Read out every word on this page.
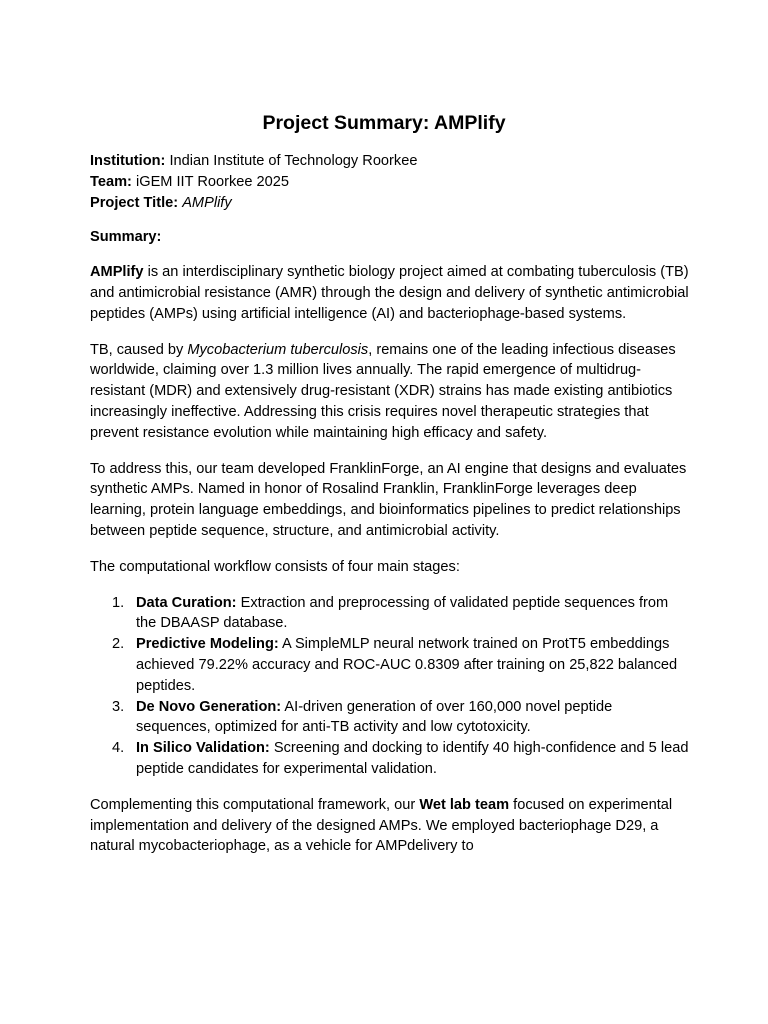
Project Summary: AMPlify

Institution: Indian Institute of Technology Roorkee

Team: iGEM IIT Roorkee 2025

Project Title: AMPlify

Summary:

AMPlify is an interdisciplinary synthetic biology project aimed at combating tuberculosis (TB) and antimicrobial resistance (AMR) through the design and delivery of synthetic antimicrobial peptides (AMPs) using artificial intelligence (AI) and bacteriophage-based systems.

TB, caused by Mycobacterium tuberculosis, remains one of the leading infectious diseases worldwide, claiming over 1.3 million lives annually. The rapid emergence of multidrug-resistant (MDR) and extensively drug-resistant (XDR) strains has made existing antibiotics increasingly ineffective. Addressing this crisis requires novel therapeutic strategies that prevent resistance evolution while maintaining high efficacy and safety.

To address this, our team developed FranklinForge, an AI engine that designs and evaluates synthetic AMPs. Named in honor of Rosalind Franklin, FranklinForge leverages deep learning, protein language embeddings, and bioinformatics pipelines to predict relationships between peptide sequence, structure, and antimicrobial activity.

The computational workflow consists of four main stages:

1. Data Curation: Extraction and preprocessing of validated peptide sequences from the DBAASP database.
2. Predictive Modeling: A SimpleMLP neural network trained on ProtT5 embeddings achieved 79.22% accuracy and ROC-AUC 0.8309 after training on 25,822 balanced peptides.
3. De Novo Generation: AI-driven generation of over 160,000 novel peptide sequences, optimized for anti-TB activity and low cytotoxicity.
4. In Silico Validation: Screening and docking to identify 40 high-confidence and 5 lead peptide candidates for experimental validation.

Complementing this computational framework, our Wet lab team focused on experimental implementation and delivery of the designed AMPs. We employed bacteriophage D29, a natural mycobacteriophage, as a vehicle for AMPdelivery to
